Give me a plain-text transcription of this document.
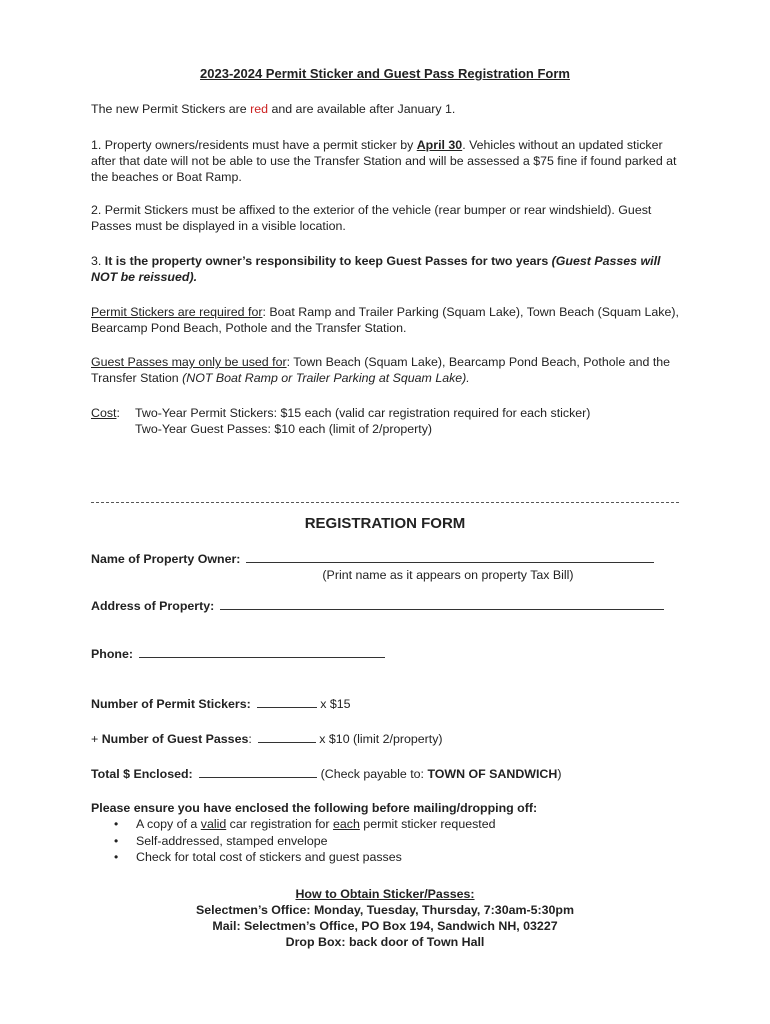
2023-2024 Permit Sticker and Guest Pass Registration Form

The new Permit Stickers are red and are available after January 1.

1. Property owners/residents must have a permit sticker by April 30. Vehicles without an updated sticker after that date will not be able to use the Transfer Station and will be assessed a $75 fine if found parked at the beaches or Boat Ramp.

2. Permit Stickers must be affixed to the exterior of the vehicle (rear bumper or rear windshield). Guest Passes must be displayed in a visible location.

3. It is the property owner’s responsibility to keep Guest Passes for two years (Guest Passes will NOT be reissued).

Permit Stickers are required for: Boat Ramp and Trailer Parking (Squam Lake), Town Beach (Squam Lake), Bearcamp Pond Beach, Pothole and the Transfer Station.

Guest Passes may only be used for: Town Beach (Squam Lake), Bearcamp Pond Beach, Pothole and the Transfer Station (NOT Boat Ramp or Trailer Parking at Squam Lake).

Cost: Two-Year Permit Stickers: $15 each (valid car registration required for each sticker)
Two-Year Guest Passes: $10 each (limit of 2/property)
REGISTRATION FORM
Name of Property Owner:
(Print name as it appears on property Tax Bill)
Address of Property:
Phone:
Number of Permit Stickers:	x $15
+ Number of Guest Passes:	x $10 (limit 2/property)
Total $ Enclosed:	(Check payable to: TOWN OF SANDWICH)
Please ensure you have enclosed the following before mailing/dropping off:
• A copy of a valid car registration for each permit sticker requested
• Self-addressed, stamped envelope
• Check for total cost of stickers and guest passes
How to Obtain Sticker/Passes:
Selectmen’s Office: Monday, Tuesday, Thursday, 7:30am-5:30pm
Mail: Selectmen’s Office, PO Box 194, Sandwich NH, 03227
Drop Box: back door of Town Hall
